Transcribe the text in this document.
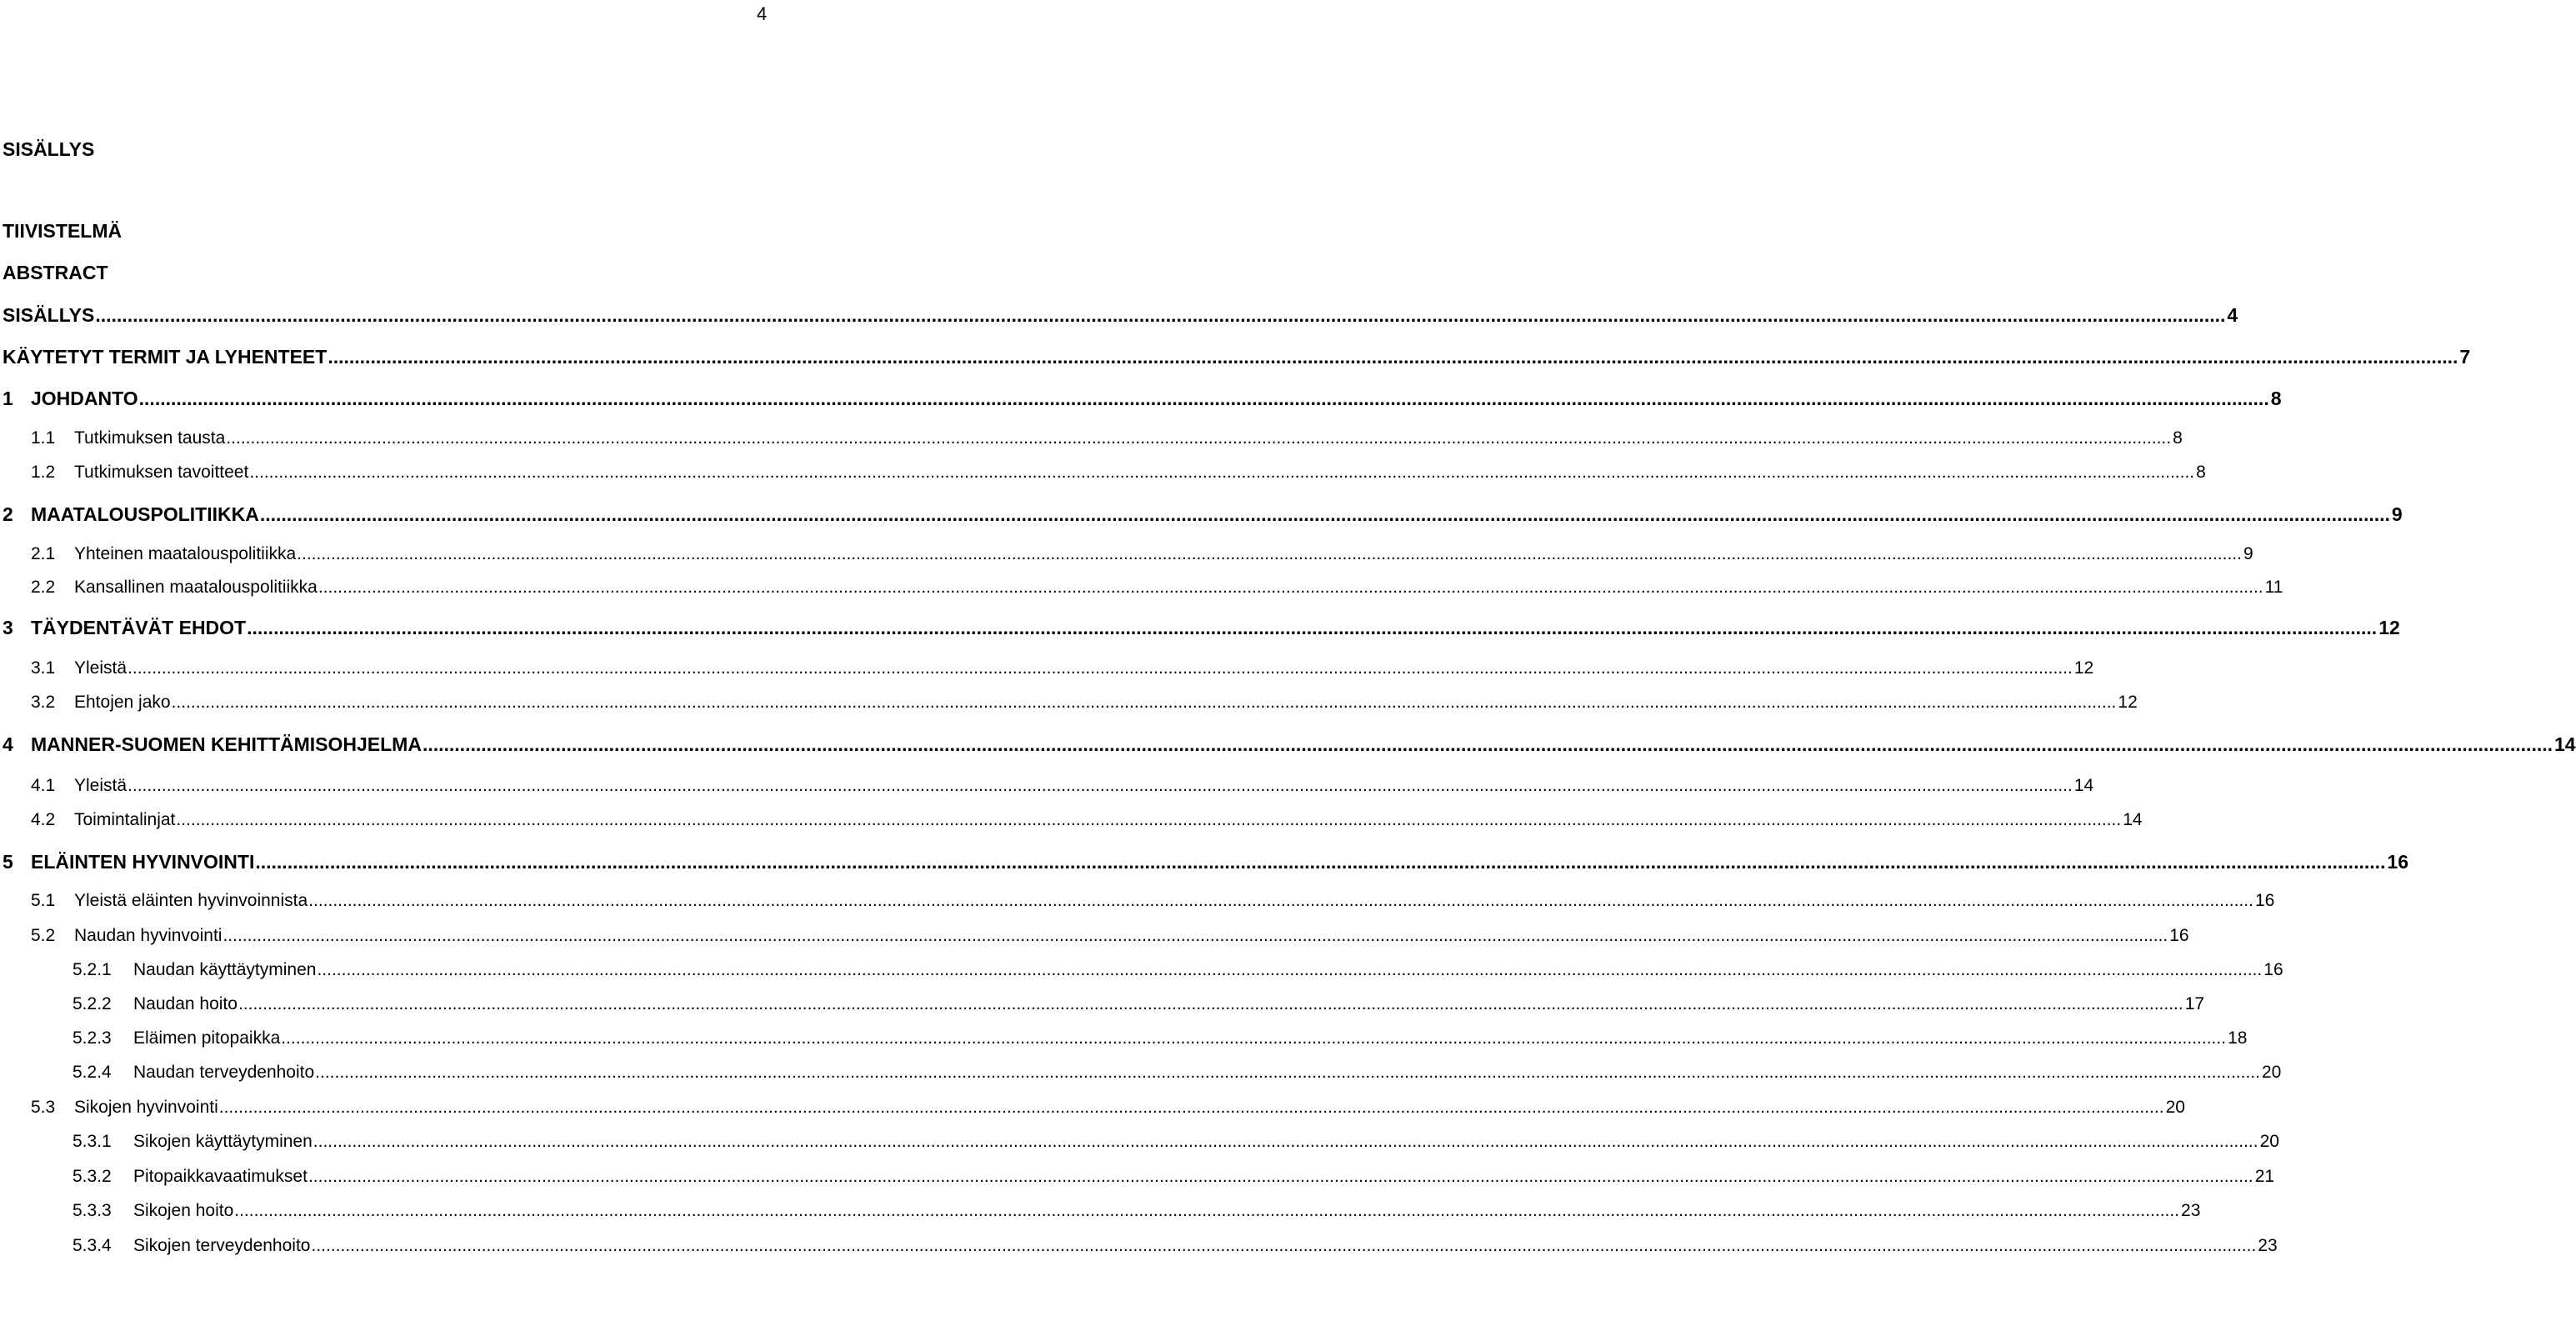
4
SISÄLLYS
TIIVISTELMÄ
ABSTRACT
SISÄLLYS ................................................................................................................................................................................................................................................................................................................................................................................................................ 4
KÄYTETYT TERMIT JA LYHENTEET ................................................................................................................................................................................................................................................................................................................................................................................................................ 7
1 JOHDANTO ................................................................................................................................................................................................................................................................................................................................................................................................................ 8
1.1	Tutkimuksen tausta ................................................................................................................................................................................................................................................................................................................................................................................................................ 8
1.2	Tutkimuksen tavoitteet ................................................................................................................................................................................................................................................................................................................................................................................................................ 8
2 MAATALOUSPOLITIIKKA ................................................................................................................................................................................................................................................................................................................................................................................................................ 9
2.1	Yhteinen maatalouspolitiikka ................................................................................................................................................................................................................................................................................................................................................................................................................ 9
2.2	Kansallinen maatalouspolitiikka ................................................................................................................................................................................................................................................................................................................................................................................................................ 11
3 TÄYDENTÄVÄT EHDOT ................................................................................................................................................................................................................................................................................................................................................................................................................ 12
3.1	Yleistä ................................................................................................................................................................................................................................................................................................................................................................................................................ 12
3.2	Ehtojen jako ................................................................................................................................................................................................................................................................................................................................................................................................................ 12
4 MANNER-SUOMEN KEHITTÄMISOHJELMA ................................................................................................................................................................................................................................................................................................................................................................................................................ 14
4.1	Yleistä ................................................................................................................................................................................................................................................................................................................................................................................................................ 14
4.2	Toimintalinjat ................................................................................................................................................................................................................................................................................................................................................................................................................ 14
5 ELÄINTEN HYVINVOINTI ................................................................................................................................................................................................................................................................................................................................................................................................................ 16
5.1	Yleistä eläinten hyvinvoinnista ................................................................................................................................................................................................................................................................................................................................................................................................................ 16
5.2	Naudan hyvinvointi ................................................................................................................................................................................................................................................................................................................................................................................................................ 16
5.2.1	Naudan käyttäytyminen ................................................................................................................................................................................................................................................................................................................................................................................................................ 16
5.2.2	Naudan hoito ................................................................................................................................................................................................................................................................................................................................................................................................................ 17
5.2.3	Eläimen pitopaikka ................................................................................................................................................................................................................................................................................................................................................................................................................ 18
5.2.4	Naudan terveydenhoito ................................................................................................................................................................................................................................................................................................................................................................................................................ 20
5.3	Sikojen hyvinvointi ................................................................................................................................................................................................................................................................................................................................................................................................................ 20
5.3.1	Sikojen käyttäytyminen ................................................................................................................................................................................................................................................................................................................................................................................................................ 20
5.3.2	Pitopaikkavaatimukset ................................................................................................................................................................................................................................................................................................................................................................................................................ 21
5.3.3	Sikojen hoito ................................................................................................................................................................................................................................................................................................................................................................................................................ 23
5.3.4	Sikojen terveydenhoito ................................................................................................................................................................................................................................................................................................................................................................................................................ 23
